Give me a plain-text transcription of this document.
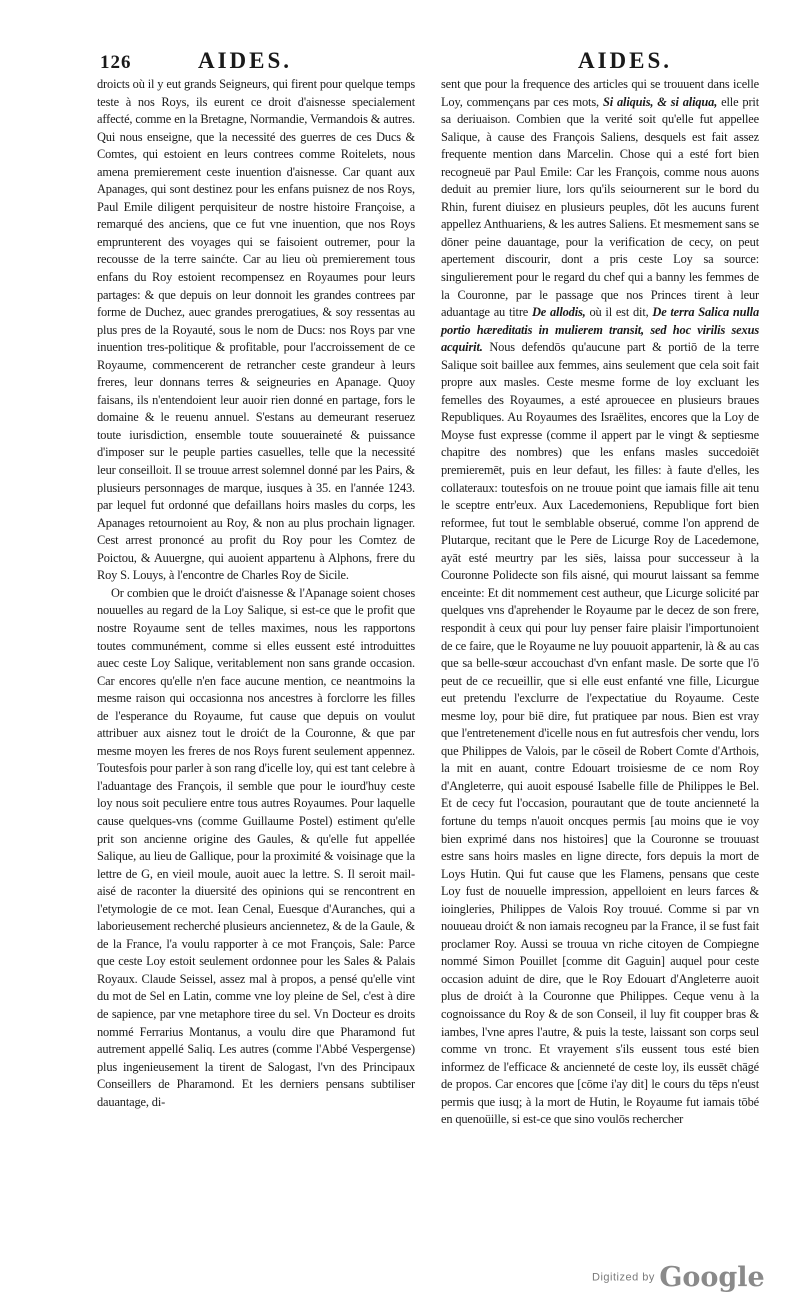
126	AIDES.	AIDES.

droicts où il y eut grands Seigneurs, qui firent pour quelque temps teste à nos Roys, ils eurent ce droit d'aisnesse specialement affecté, comme en la Bretagne, Normandie, Vermandois & autres. Qui nous enseigne, que la necessité des guerres de ces Ducs & Comtes, qui estoient en leurs contrees comme Roitelets, nous amena premierement ceste inuention d'aisnesse. Car quant aux Apanages, qui sont destinez pour les enfans puisnez de nos Roys, Paul Emile diligent perquisiteur de nostre histoire Françoise, a remarqué des anciens, que ce fut vne inuention, que nos Roys emprunterent des voyages qui se faisoient outremer, pour la recousse de la terre sainćte. Car au lieu où premierement tous enfans du Roy estoient recompensez en Royaumes pour leurs partages: & que depuis on leur donnoit les grandes contrees par forme de Duchez, auec grandes prerogatiues, & soy ressentas au plus pres de la Royauté, sous le nom de Ducs: nos Roys par vne inuention tres-politique & profitable, pour l'accroissement de ce Royaume, commencerent de retrancher ceste grandeur à leurs freres, leur donnans terres & seigneuries en Apanage. Quoy faisans, ils n'entendoient leur auoir rien donné en partage, fors le domaine & le reuenu annuel. S'estans au demeurant reseruez toute iurisdiction, ensemble toute souueraineté & puissance d'imposer sur le peuple parties casuelles, telle que la necessité leur conseilloit. Il se trouue arrest solemnel donné par les Pairs, & plusieurs personnages de marque, iusques à 35. en l'année 1243. par lequel fut ordonné que defaillans hoirs masles du corps, les Apanages retournoient au Roy, & non au plus prochain lignager. Cest arrest prononcé au profit du Roy pour les Comtez de Poictou, & Auuergne, qui auoient appartenu à Alphons, frere du Roy S. Louys, à l'encontre de Charles Roy de Sicile.

Or combien que le droićt d'aisnesse & l'Apanage soient choses nouuelles au regard de la Loy Salique, si est-ce que le profit que nostre Royaume sent de telles maximes, nous les rapportons toutes communément, comme si elles eussent esté introduittes auec ceste Loy Salique, veritablement non sans grande occasion. Car encores qu'elle n'en face aucune mention, ce neantmoins la mesme raison qui occasionna nos ancestres à forclorre les filles de l'esperance du Royaume, fut cause que depuis on voulut attribuer aux aisnez tout le droićt de la Couronne, & que par mesme moyen les freres de nos Roys furent seulement appennez. Toutesfois pour parler à son rang d'icelle loy, qui est tant celebre à l'aduantage des François, il semble que pour le iourd'huy ceste loy nous soit peculiere entre tous autres Royaumes. Pour laquelle cause quelques-vns (comme Guillaume Postel) estiment qu'elle prit son ancienne origine des Gaules, & qu'elle fut appellée Salique, au lieu de Gallique, pour la proximité & voisinage que la lettre de G, en vieil moule, auoit auec la lettre. S. Il seroit mail-aisé de raconter la diuersité des opinions qui se rencontrent en l'etymologie de ce mot. Iean Cenal, Euesque d'Auranches, qui a laborieusement recherché plusieurs anciennetez, & de la Gaule, & de la France, l'a voulu rapporter à ce mot François, Sale: Parce que ceste Loy estoit seulement ordonnee pour les Sales & Palais Royaux. Claude Seissel, assez mal à propos, a pensé qu'elle vint du mot de Sel en Latin, comme vne loy pleine de Sel, c'est à dire de sapience, par vne metaphore tiree du sel. Vn Docteur es droits nommé Ferrarius Montanus, a voulu dire que Pharamond fut autrement appellé Saliq. Les autres (comme l'Abbé Vespergense) plus ingenieusement la tirent de Salogast, l'vn des Principaux Conseillers de Pharamond. Et les derniers pensans subtiliser dauantage, di-

sent que pour la frequence des articles qui se trouuent dans icelle Loy, commençans par ces mots, Si aliquis, & si aliqua, elle prit sa deriuaison. Combien que la verité soit qu'elle fut appellee Salique, à cause des François Saliens, desquels est fait assez frequente mention dans Marcelin. Chose qui a esté fort bien recogneuë par Paul Emile: Car les François, comme nous auons deduit au premier liure, lors qu'ils seiournerent sur le bord du Rhin, furent diuisez en plusieurs peuples, dōt les aucuns furent appellez Anthuariens, & les autres Saliens. Et mesmement sans se dōner peine dauantage, pour la verification de cecy, on peut apertement discourir, dont a pris ceste Loy sa source: singulierement pour le regard du chef qui a banny les femmes de la Couronne, par le passage que nos Princes tirent à leur aduantage au titre De allodis, où il est dit, De terra Salica nulla portio hæreditatis in mulierem transit, sed hoc virilis sexus acquirit. Nous defendōs qu'aucune part & portiō de la terre Salique soit baillee aux femmes, ains seulement que cela soit fait propre aux masles. Ceste mesme forme de loy excluant les femelles des Royaumes, a esté aprouecee en plusieurs braues Republiques. Au Royaumes des Israëlites, encores que la Loy de Moyse fust expresse (comme il appert par le vingt & septiesme chapitre des nombres) que les enfans masles succedoiēt premieremēt, puis en leur defaut, les filles: à faute d'elles, les collateraux: toutesfois on ne trouue point que iamais fille ait tenu le sceptre entr'eux. Aux Lacedemoniens, Republique fort bien reformee, fut tout le semblable obserué, comme l'on apprend de Plutarque, recitant que le Pere de Licurge Roy de Lacedemone, ayāt esté meurtry par les siēs, laissa pour successeur à la Couronne Polidecte son fils aisné, qui mourut laissant sa femme enceinte: Et dit nommement cest autheur, que Licurge solicité par quelques vns d'aprehender le Royaume par le decez de son frere, respondit à ceux qui pour luy penser faire plaisir l'importunoient de ce faire, que le Royaume ne luy pouuoit appartenir, là & au cas que sa belle-sœur accouchast d'vn enfant masle. De sorte que l'ō peut de ce recueillir, que si elle eust enfanté vne fille, Licurgue eut pretendu l'exclurre de l'expectatiue du Royaume. Ceste mesme loy, pour biē dire, fut pratiquee par nous. Bien est vray que l'entretenement d'icelle nous en fut autresfois cher vendu, lors que Philippes de Valois, par le cōseil de Robert Comte d'Arthois, la mit en auant, contre Edouart troisiesme de ce nom Roy d'Angleterre, qui auoit espousé Isabelle fille de Philippes le Bel. Et de cecy fut l'occasion, pourautant que de toute ancienneté la fortune du temps n'auoit oncques permis [au moins que ie voy bien exprimé dans nos histoires] que la Couronne se trouuast estre sans hoirs masles en ligne directe, fors depuis la mort de Loys Hutin. Qui fut cause que les Flamens, pensans que ceste Loy fust de nouuelle impression, appelloient en leurs farces & ioingleries, Philippes de Valois Roy trouué. Comme si par vn nouueau droićt & non iamais recogneu par la France, il se fust fait proclamer Roy. Aussi se trouua vn riche citoyen de Compiegne nommé Simon Pouillet [comme dit Gaguin] auquel pour ceste occasion aduint de dire, que le Roy Edouart d'Angleterre auoit plus de droićt à la Couronne que Philippes. Ceque venu à la cognoissance du Roy & de son Conseil, il luy fit coupper bras & iambes, l'vne apres l'autre, & puis la teste, laissant son corps seul comme vn tronc. Et vrayement s'ils eussent tous esté bien informez de l'efficace & ancienneté de ceste loy, ils eussēt chāgé de propos. Car encores que [cōme i'ay dit] le cours du tēps n'eust permis que iusq; à la mort de Hutin, le Royaume fut iamais tōbé en quenoüille, si est-ce que sino voulōs rechercher

Digitized by Google
